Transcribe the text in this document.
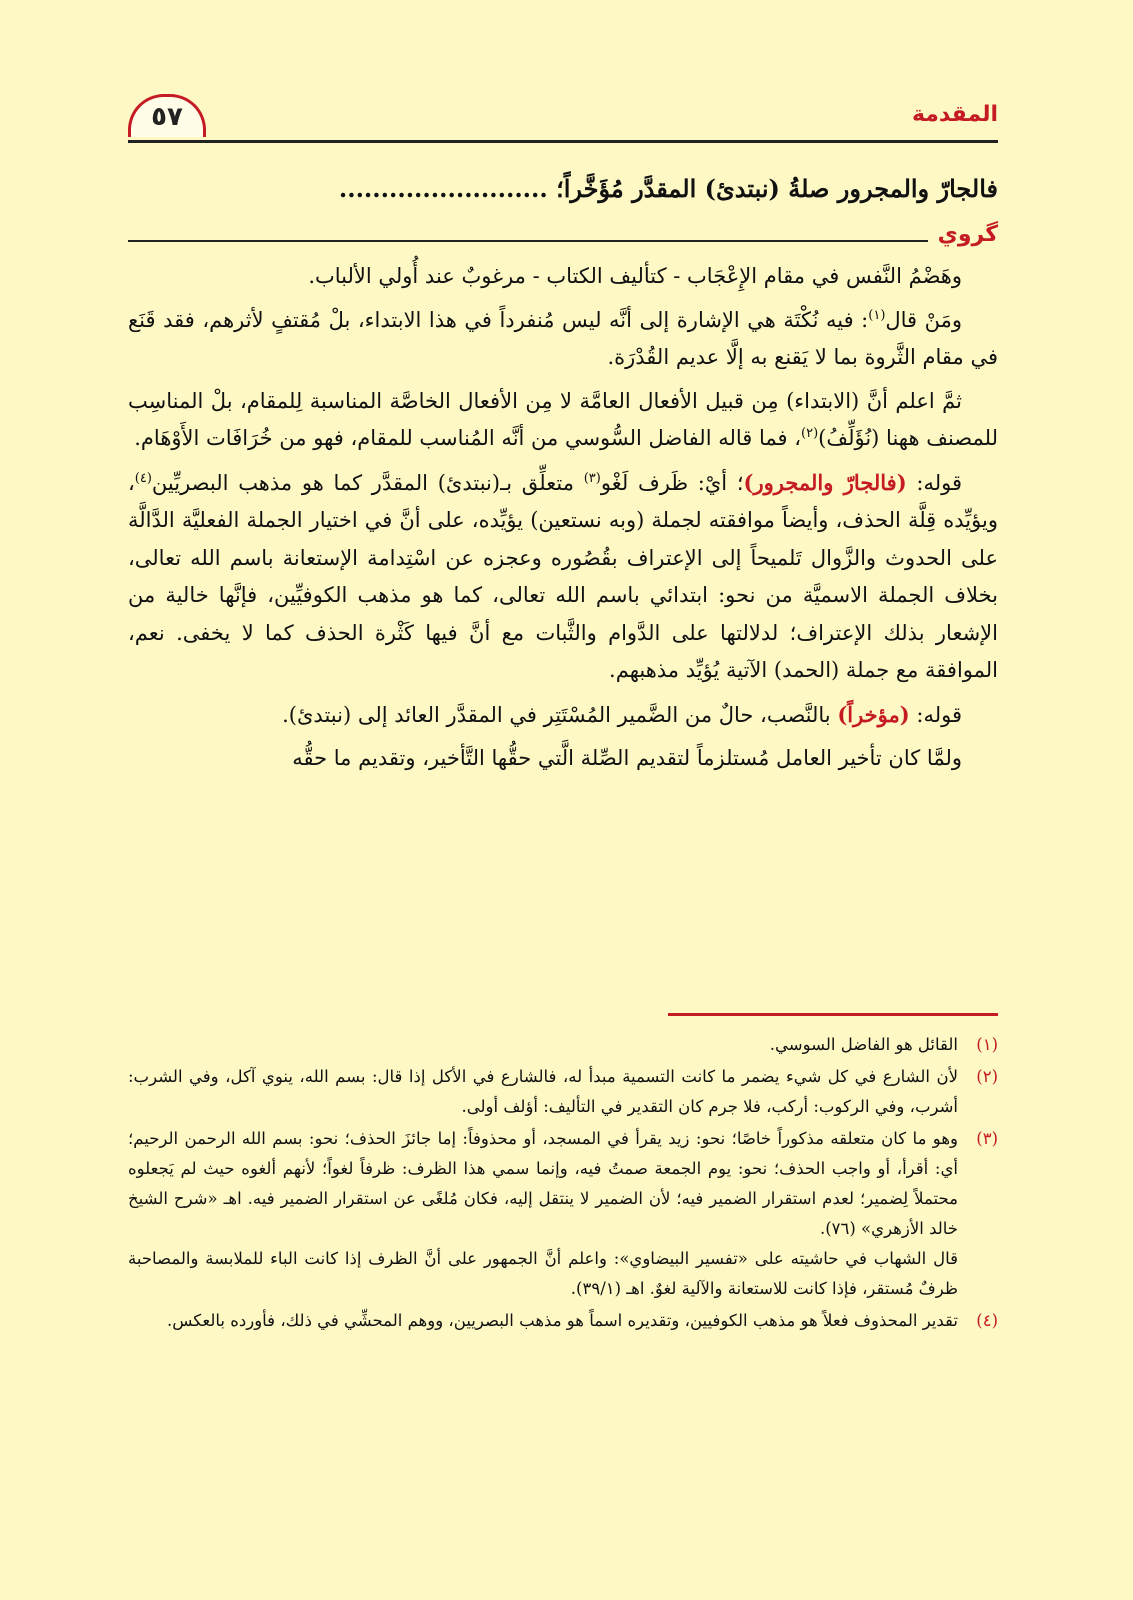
٥٧	المقدمة
فالجارّ والمجرور صلةُ (نبتدئ) المقدَّر مُؤَخَّراً؛ .........................
گروي

وهَضْمُ النَّفس في مقام الإِعْجَاب - كتأليف الكتاب - مرغوبٌ عند أُولي الألباب.

ومَنْ قال$^{(١)}$: فيه نُكْتَة هي الإشارة إلى أنَّه ليس مُنفرداً في هذا الابتداء، بلْ مُقتفٍ لأثرهم، فقد قَنَع في مقام الثَّروة بما لا يَقنع به إلَّا عديم القُدْرَة.

ثمَّ اعلم أنَّ (الابتداء) مِن قبيل الأفعال العامَّة لا مِن الأفعال الخاصَّة المناسبة لِلمقام، بلْ المناسِب للمصنف ههنا (نُؤَلِّفُ)$^{(٢)}$، فما قاله الفاضل السُّوسي من أنَّه المُناسب للمقام، فهو من خُرَافَات الأَوْهَام.

قوله: (فالجارّ والمجرور)؛ أيْ: ظَرف لَغْو$^{(٣)}$ متعلِّق بـ(نبتدئ) المقدَّر كما هو مذهب البصريِّين$^{(٤)}$، ويؤيِّده قِلَّة الحذف، وأيضاً موافقته لجملة (وبه نستعين) يؤيِّده، على أنَّ في اختيار الجملة الفعليَّة الدَّالَّة على الحدوث والزَّوال تَلميحاً إلى الإعتراف بقُصُوره وعجزه عن اسْتِدامة الإستعانة باسم الله تعالى، بخلاف الجملة الاسميَّة من نحو: ابتدائي باسم الله تعالى، كما هو مذهب الكوفيِّين، فإنَّها خالية من الإشعار بذلك الإعتراف؛ لدلالتها على الدَّوام والثَّبات مع أنَّ فيها كَثْرة الحذف كما لا يخفى. نعم، الموافقة مع جملة (الحمد) الآتية يُؤيِّد مذهبهم.

قوله: (مؤخراً) بالنَّصب، حالٌ من الضَّمير المُسْتَتِر في المقدَّر العائد إلى (نبتدئ).

ولمَّا كان تأخير العامل مُستلزماً لتقديم الصِّلة الَّتي حقُّها التَّأخير، وتقديم ما حقُّه

(١)

القائل هو الفاضل السوسي.

(٢)

لأن الشارع في كل شيء يضمر ما كانت التسمية مبدأ له، فالشارع في الأكل إذا قال: بسم الله، ينوي آكل، وفي الشرب: أشرب، وفي الركوب: أركب، فلا جرم كان التقدير في التأليف: أؤلف أولى.

(٣)

وهو ما كان متعلقه مذكوراً خاصًا؛ نحو: زيد يقرأ في المسجد، أو محذوفاً: إما جائزَ الحذف؛ نحو: بسم الله الرحمن الرحيم؛ أي: أقرأ، أو واجب الحذف؛ نحو: يوم الجمعة صمتُ فيه، وإنما سمي هذا الظرف: ظرفاً لغواً؛ لأنهم ألغوه حيث لم يَجعلوه محتملاً لِضمير؛ لعدم استقرار الضمير فيه؛ لأن الضمير لا ينتقل إليه، فكان مُلغًى عن استقرار الضمير فيه. اهـ «شرح الشيخ خالد الأزهري» (٧٦).

قال الشهاب في حاشيته على «تفسير البيضاوي»: واعلم أنَّ الجمهور على أنَّ الظرف إذا كانت الباء للملابسة والمصاحبة ظرفٌ مُستقر، فإذا كانت للاستعانة والآلية لغوٌ. اهـ (٣٩/١).

(٤)

تقدير المحذوف فعلاً هو مذهب الكوفيين، وتقديره اسماً هو مذهب البصريين، ووهم المحشِّي في ذلك، فأورده بالعكس.
